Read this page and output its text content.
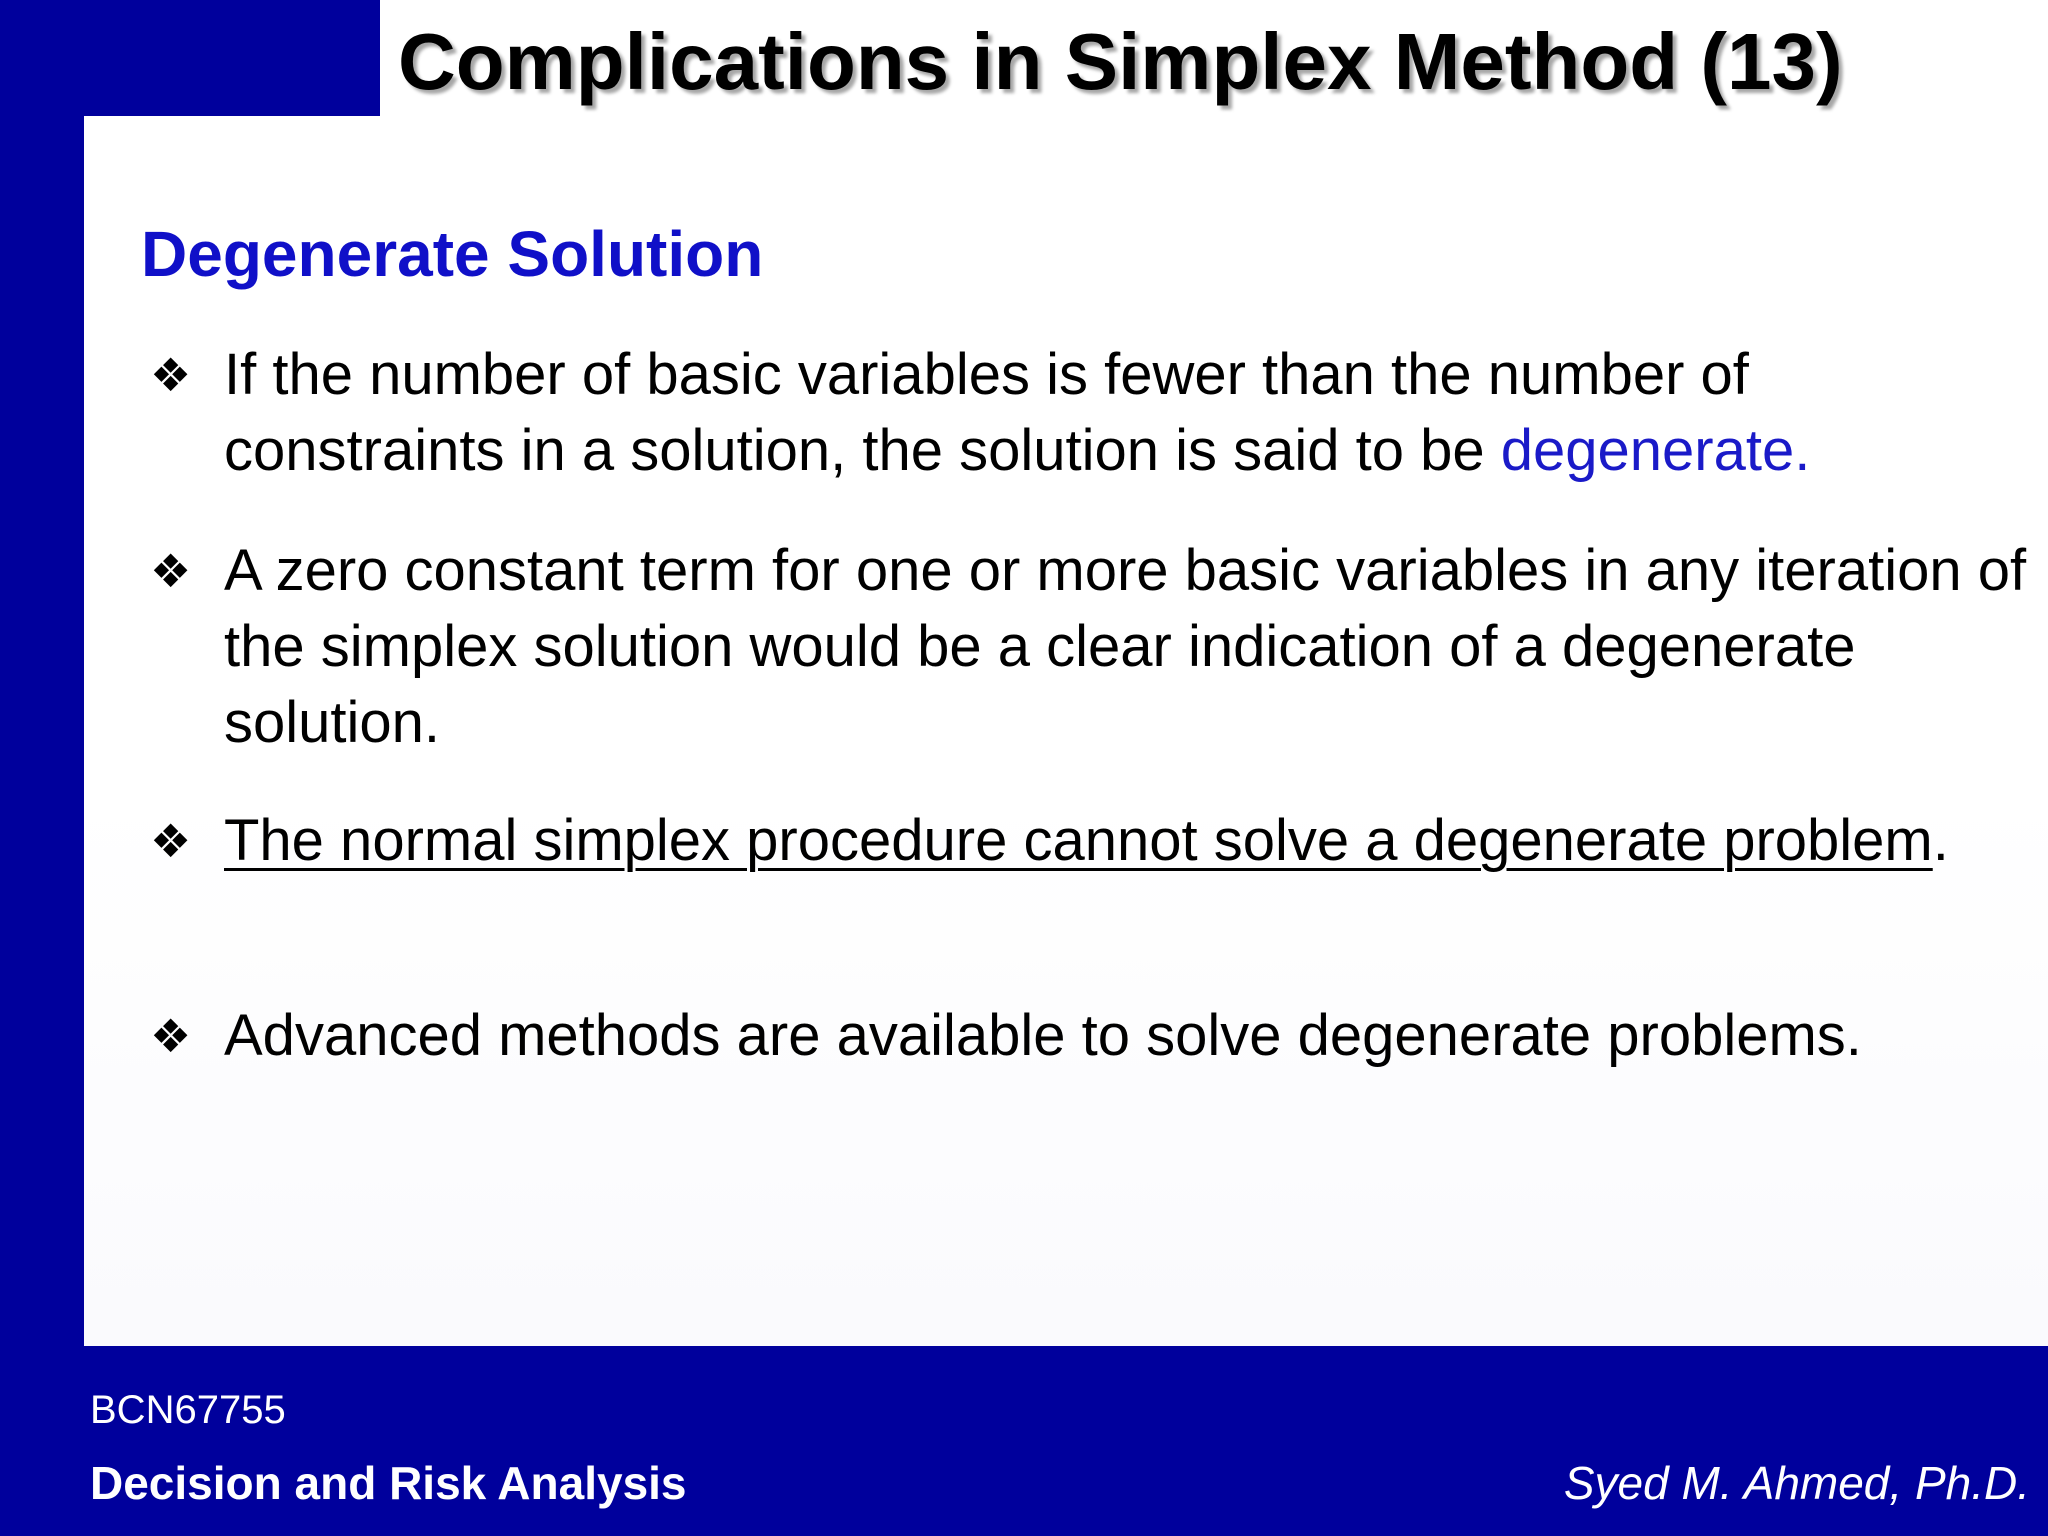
Complications in Simplex Method (13)
Degenerate Solution
❖ If the number of basic variables is fewer than the number of constraints in a solution, the solution is said to be degenerate.
❖ A zero constant term for one or more basic variables in any iteration of the simplex solution would be a clear indication of a degenerate solution.
❖ The normal simplex procedure cannot solve a degenerate problem.
❖ Advanced methods are available to solve degenerate problems.
BCN67755
Decision and Risk Analysis	Syed M. Ahmed, Ph.D.
